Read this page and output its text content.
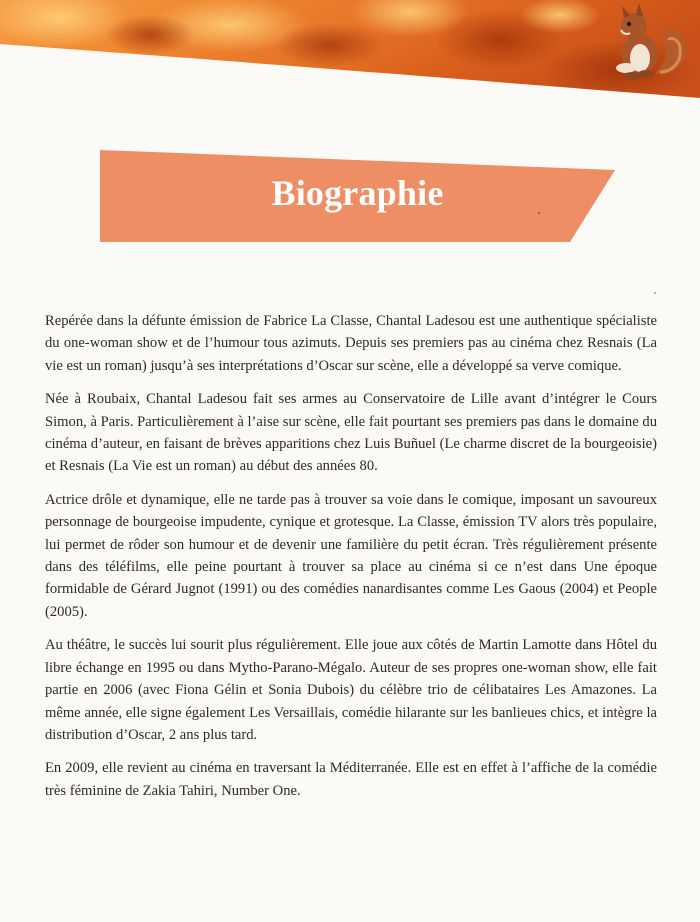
Biographie

Repérée dans la défunte émission de Fabrice La Classe, Chantal Ladesou est une authentique spécialiste du one-woman show et de l’humour tous azimuts. Depuis ses premiers pas au cinéma chez Resnais (La vie est un roman) jusqu’à ses interprétations d’Oscar sur scène, elle a développé sa verve comique.

Née à Roubaix, Chantal Ladesou fait ses armes au Conservatoire de Lille avant d’intégrer le Cours Simon, à Paris. Particulièrement à l’aise sur scène, elle fait pourtant ses premiers pas dans le domaine du cinéma d’auteur, en faisant de brèves apparitions chez Luis Buñuel (Le charme discret de la bourgeoisie) et Resnais (La Vie est un roman) au début des années 80.

Actrice drôle et dynamique, elle ne tarde pas à trouver sa voie dans le comique, imposant un savoureux personnage de bourgeoise impudente, cynique et grotesque. La Classe, émission TV alors très populaire, lui permet de rôder son humour et de devenir une familière du petit écran. Très régulièrement présente dans des téléfilms, elle peine pourtant à trouver sa place au cinéma si ce n’est dans Une époque formidable de Gérard Jugnot (1991) ou des comédies nanardisantes comme Les Gaous (2004) et People (2005).

Au théâtre, le succès lui sourit plus régulièrement. Elle joue aux côtés de Martin Lamotte dans Hôtel du libre échange en 1995 ou dans Mytho-Parano-Mégalo. Auteur de ses propres one-woman show, elle fait partie en 2006 (avec Fiona Gélin et Sonia Dubois) du célèbre trio de célibataires Les Amazones. La même année, elle signe également Les Versaillais, comédie hilarante sur les banlieues chics, et intègre la distribution d’Oscar, 2 ans plus tard.

En 2009, elle revient au cinéma en traversant la Méditerranée. Elle est en effet à l’affiche de la comédie très féminine de Zakia Tahiri, Number One.
